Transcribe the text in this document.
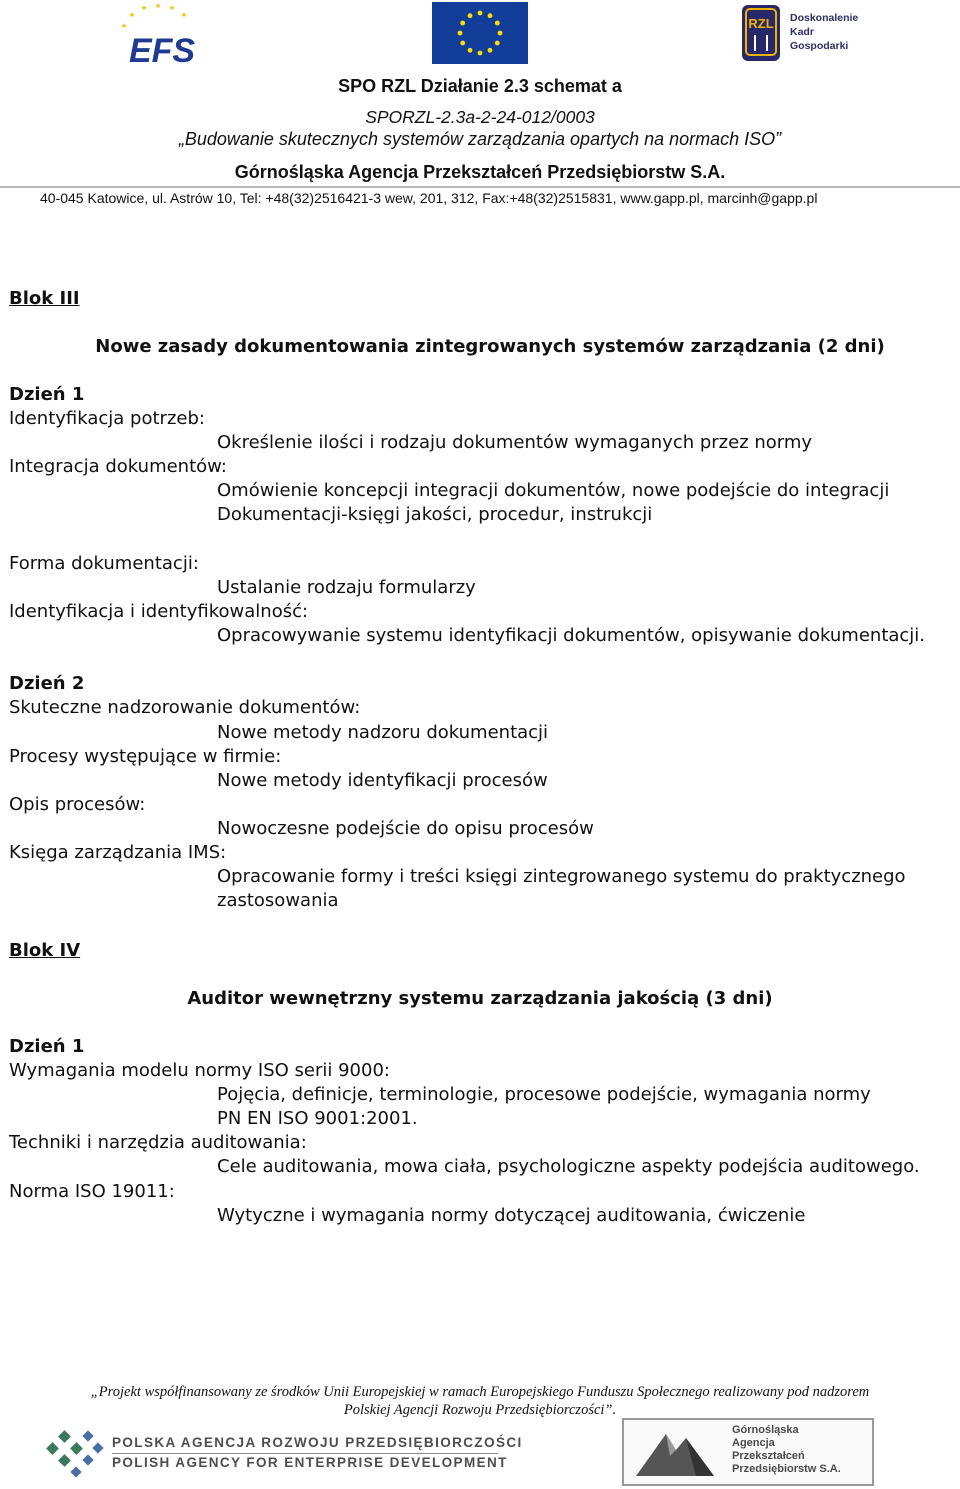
EFS
RZL Doskonalenie
Kadr
Gospodarki
SPO RZL Działanie 2.3 schemat a
SPORZL-2.3a-2-24-012/0003
„Budowanie skutecznych systemów zarządzania opartych na normach ISO”
Górnośląska Agencja Przekształceń Przedsiębiorstw S.A.
40-045 Katowice, ul. Astrów 10, Tel: +48(32)2516421-3 wew, 201, 312, Fax:+48(32)2515831, www.gapp.pl, marcinh@gapp.pl
Blok III
Nowe zasady dokumentowania zintegrowanych systemów zarządzania (2 dni)
Dzień 1
Identyfikacja potrzeb:
Określenie ilości i rodzaju dokumentów wymaganych przez normy
Integracja dokumentów:
Omówienie koncepcji integracji dokumentów, nowe podejście do integracji
Dokumentacji-księgi jakości, procedur, instrukcji
Forma dokumentacji:
Ustalanie rodzaju formularzy
Identyfikacja i identyfikowalność:
Opracowywanie systemu identyfikacji dokumentów, opisywanie dokumentacji.
Dzień 2
Skuteczne nadzorowanie dokumentów:
Nowe metody nadzoru dokumentacji
Procesy występujące w firmie:
Nowe metody identyfikacji procesów
Opis procesów:
Nowoczesne podejście do opisu procesów
Księga zarządzania IMS:
Opracowanie formy i treści księgi zintegrowanego systemu do praktycznego
zastosowania
Blok IV
Auditor wewnętrzny systemu zarządzania jakością (3 dni)
Dzień 1
Wymagania modelu normy ISO serii 9000:
Pojęcia, definicje, terminologie, procesowe podejście, wymagania normy
PN EN ISO 9001:2001.
Techniki i narzędzia auditowania:
Cele auditowania, mowa ciała, psychologiczne aspekty podejścia auditowego.
Norma ISO 19011:
Wytyczne i wymagania normy dotyczącej auditowania, ćwiczenie
„Projekt współfinansowany ze środków Unii Europejskiej w ramach Europejskiego Funduszu Społecznego realizowany pod nadzorem
Polskiej Agencji Rozwoju Przedsiębiorczości”.
POLSKA AGENCJA ROZWOJU PRZEDSIĘBIORCZOŚCI
POLISH AGENCY FOR ENTERPRISE DEVELOPMENT
Górnośląska
Agencja
Przekształceń
Przedsiębiorstw S.A.
